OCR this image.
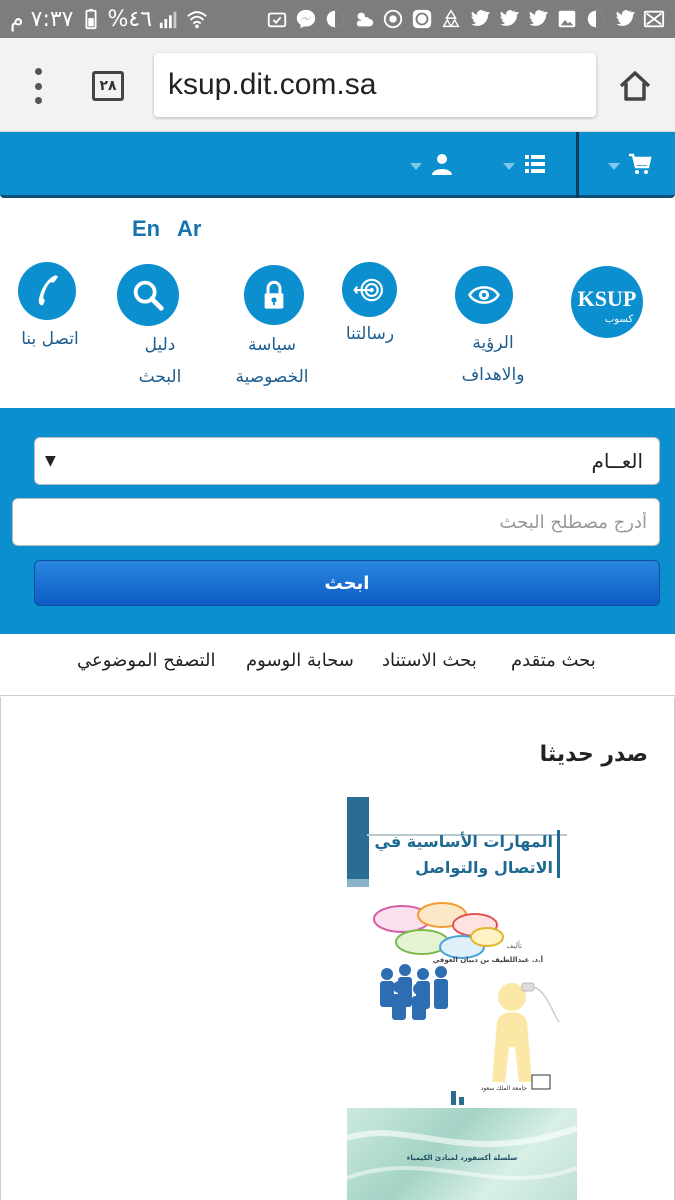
٧:٣٧ م %٤٦
٢٨ ksup.dit.com.sa
En Ar
KSUP
كسوب
الرؤية
والاهداف
رسالتنا
سياسة
الخصوصية
دليل
البحث
اتصل بنا
▼	العــام
أدرج مصطلح البحث
ابحث
بحث متقدم
بحث الاستناد
سحابة الوسوم
التصفح الموضوعي
صدر حديثا
المهارات الأساسية في
الاتصال والتواصل
تأليف
أ.د. عبداللطيف بن دبيان العوفي
جامعة الملك سعود
سلسلة أكسفورد لمبادئ الكيمياء
